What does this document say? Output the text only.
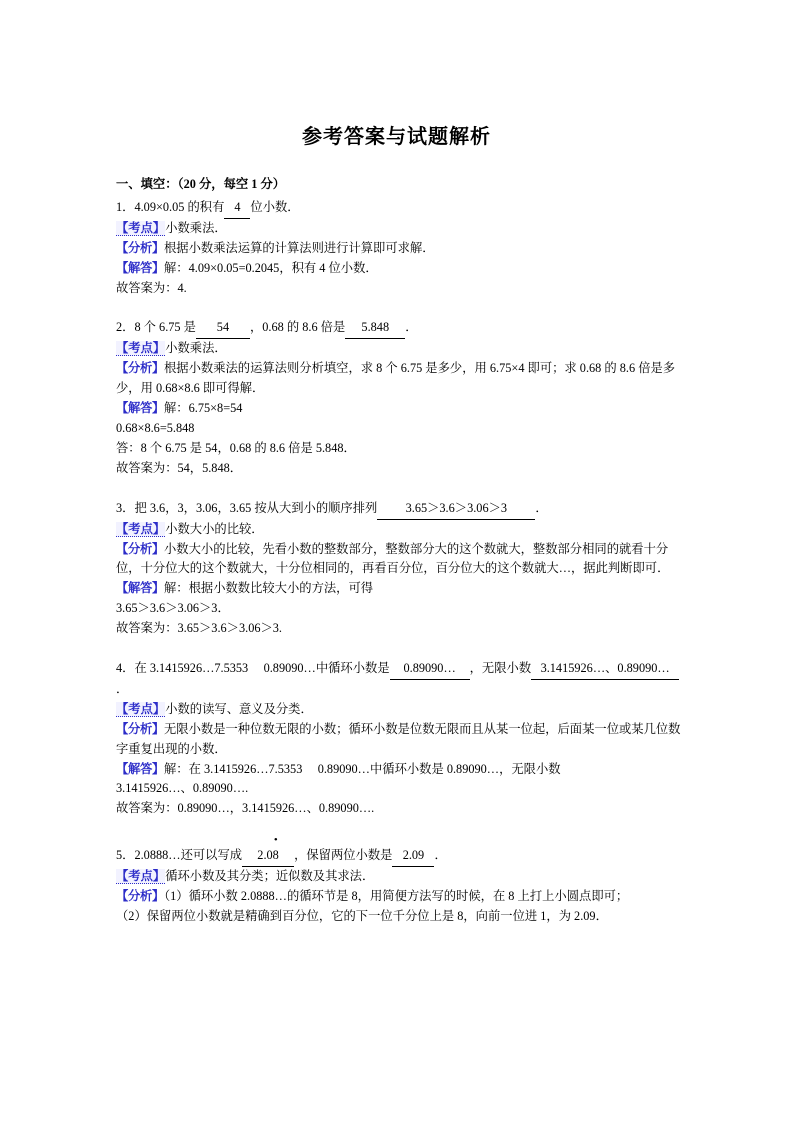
参考答案与试题解析
一、填空：（20 分，每空 1 分）
1．4.09×0.05 的积有 4 位小数．
【考点】小数乘法．
【分析】根据小数乘法运算的计算法则进行计算即可求解．
【解答】解：4.09×0.05=0.2045，积有 4 位小数．
故答案为：4.
2．8 个 6.75 是 54 ，0.68 的 8.6 倍是 5.848 ．
【考点】小数乘法．
【分析】根据小数乘法的运算法则分析填空，求 8 个 6.75 是多少，用 6.75×4 即可；求 0.68 的 8.6 倍是多少，用 0.68×8.6 即可得解．
【解答】解：6.75×8=54
0.68×8.6=5.848
答：8 个 6.75 是 54，0.68 的 8.6 倍是 5.848．
故答案为：54，5.848．
3．把 3.6，3，3.06，3.65 按从大到小的顺序排列 3.65＞3.6＞3.06＞3 ．
【考点】小数大小的比较．
【分析】小数大小的比较，先看小数的整数部分，整数部分大的这个数就大，整数部分相同的就看十分位，十分位大的这个数就大，十分位相同的，再看百分位，百分位大的这个数就大…，据此判断即可．
【解答】解：根据小数数比较大小的方法，可得
3.65＞3.6＞3.06＞3．
故答案为：3.65＞3.6＞3.06＞3.
4．在 3.1415926…7.5353　 0.89090…中循环小数是 0.89090… ，无限小数 3.1415926…、0.89090…．
【考点】小数的读写、意义及分类．
【分析】无限小数是一种位数无限的小数；循环小数是位数无限而且从某一位起，后面某一位或某几位数字重复出现的小数．
【解答】解：在 3.1415926…7.5353　 0.89090…中循环小数是 0.89090…，无限小数
3.1415926…、0.89090….
故答案为：0.89090…，3.1415926…、0.89090….
5．2.0888…还可以写成 2.08 • ，保留两位小数是 2.09 ．
【考点】循环小数及其分类；近似数及其求法．
【分析】（1）循环小数 2.0888…的循环节是 8，用简便方法写的时候，在 8 上打上小圆点即可；
（2）保留两位小数就是精确到百分位，它的下一位千分位上是 8，向前一位进 1，为 2.09．
